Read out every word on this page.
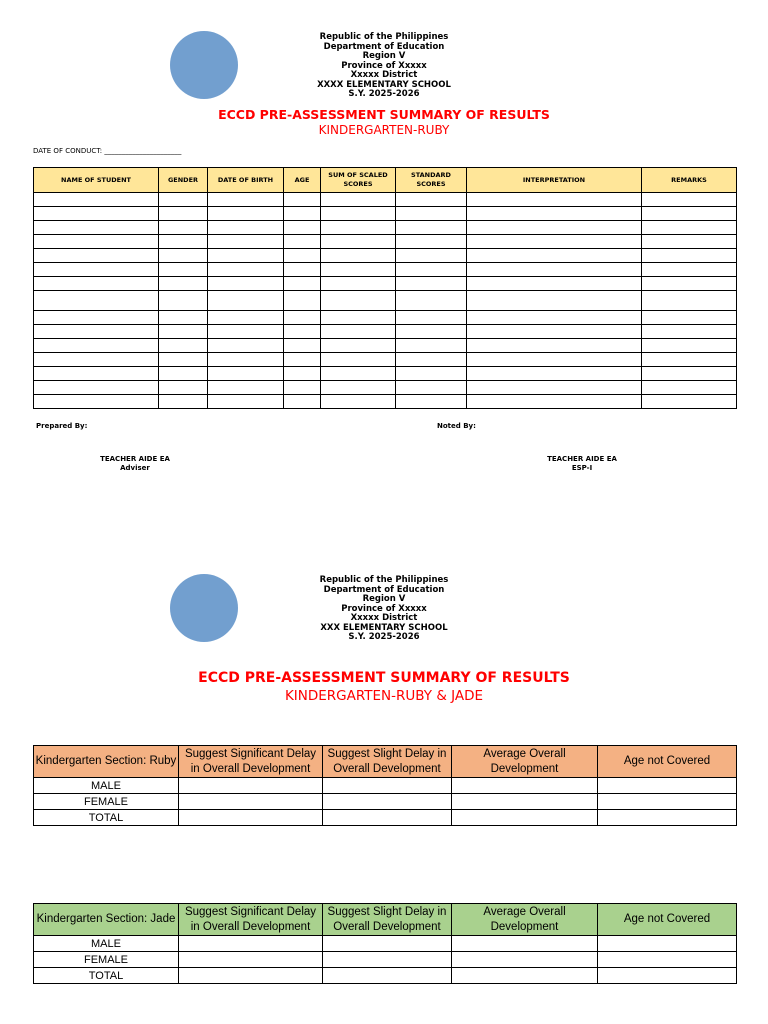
Republic of the Philippines
Department of Education
Region V
Province of Xxxxx
Xxxxx District
XXXX ELEMENTARY SCHOOL
S.Y. 2025-2026
ECCD PRE-ASSESSMENT SUMMARY OF RESULTS
KINDERGARTEN-RUBY
DATE OF CONDUCT: ______________________
NAME OF STUDENT	GENDER	DATE OF BIRTH	AGE	SUM OF SCALED SCORES	STANDARD SCORES	INTERPRETATION	REMARKS

Prepared By:	Noted By:
TEACHER AIDE EA
Adviser
TEACHER AIDE EA
ESP-I
Republic of the Philippines
Department of Education
Region V
Province of Xxxxx
Xxxxx District
XXX ELEMENTARY SCHOOL
S.Y. 2025-2026
ECCD PRE-ASSESSMENT SUMMARY OF RESULTS
KINDERGARTEN-RUBY & JADE
Kindergarten Section: Ruby	Suggest Significant Delay in Overall Development	Suggest Slight Delay in Overall Development	Average Overall Development	Age not Covered
MALE				
FEMALE				
TOTAL				
Kindergarten Section: Jade	Suggest Significant Delay in Overall Development	Suggest Slight Delay in Overall Development	Average Overall Development	Age not Covered
MALE				
FEMALE				
TOTAL				
